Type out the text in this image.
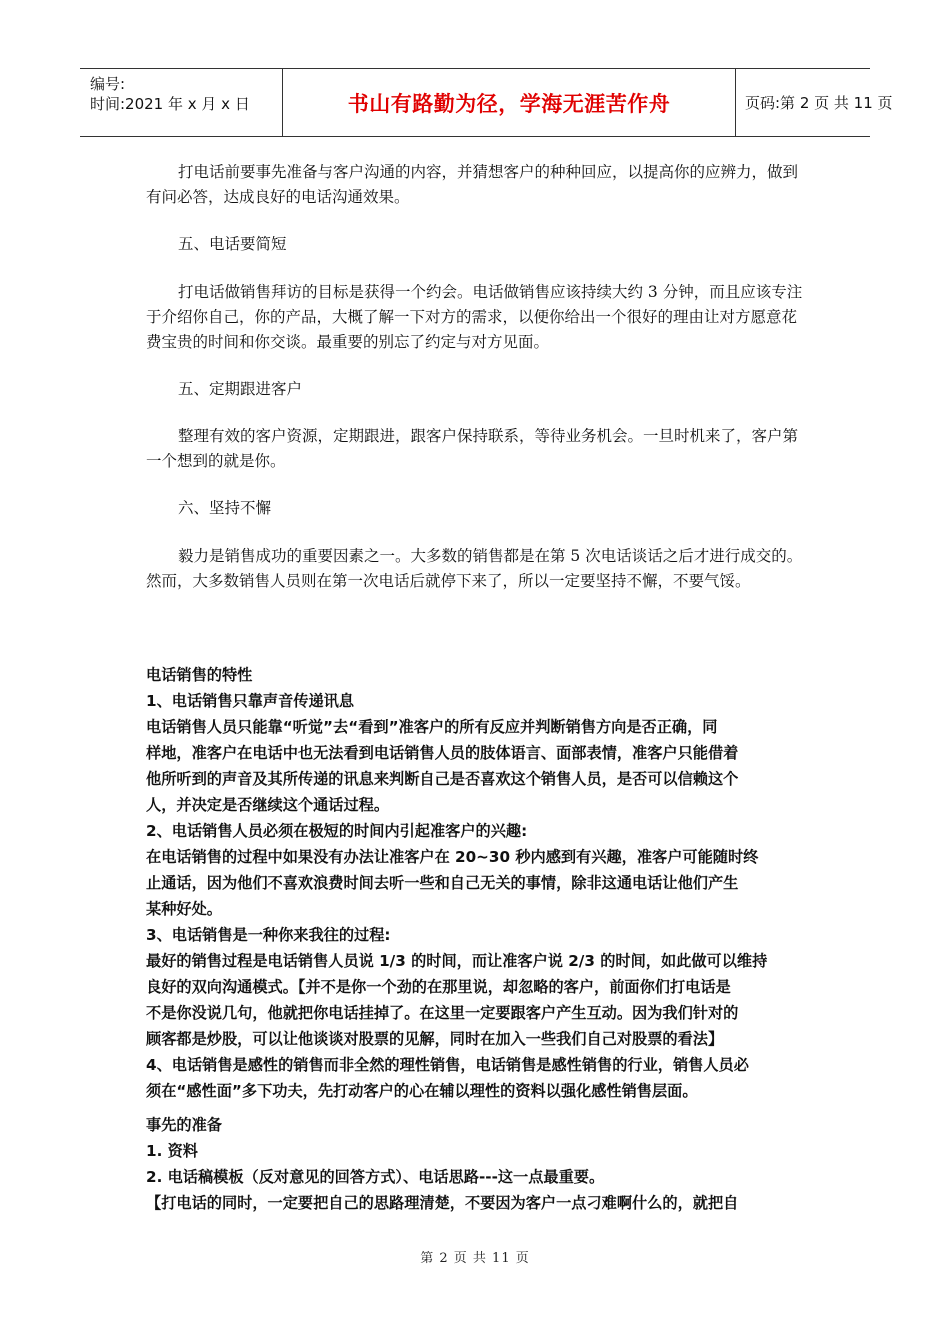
编号:
时间:2021 年 x 月 x 日	书山有路勤为径，学海无涯苦作舟	页码:第 2 页 共 11 页
打电话前要事先准备与客户沟通的内容，并猜想客户的种种回应，以提高你的应辨力，做到有问必答，达成良好的电话沟通效果。
五、电话要简短
打电话做销售拜访的目标是获得一个约会。电话做销售应该持续大约 3 分钟，而且应该专注于介绍你自己，你的产品，大概了解一下对方的需求，以便你给出一个很好的理由让对方愿意花费宝贵的时间和你交谈。最重要的别忘了约定与对方见面。
五、定期跟进客户
整理有效的客户资源，定期跟进，跟客户保持联系，等待业务机会。一旦时机来了，客户第一个想到的就是你。
六、坚持不懈
毅力是销售成功的重要因素之一。大多数的销售都是在第 5 次电话谈话之后才进行成交的。然而，大多数销售人员则在第一次电话后就停下来了，所以一定要坚持不懈，不要气馁。
电话销售的特性
1、电话销售只靠声音传递讯息
电话销售人员只能靠“听觉”去“看到”准客户的所有反应并判断销售方向是否正确，同
样地，准客户在电话中也无法看到电话销售人员的肢体语言、面部表情，准客户只能借着
他所听到的声音及其所传递的讯息来判断自己是否喜欢这个销售人员，是否可以信赖这个
人，并决定是否继续这个通话过程。
2、电话销售人员必须在极短的时间内引起准客户的兴趣:
在电话销售的过程中如果没有办法让准客户在 20~30 秒内感到有兴趣，准客户可能随时终
止通话，因为他们不喜欢浪费时间去听一些和自己无关的事情，除非这通电话让他们产生
某种好处。
3、电话销售是一种你来我往的过程:
最好的销售过程是电话销售人员说 1/3 的时间，而让准客户说 2/3 的时间，如此做可以维持
良好的双向沟通模式。【并不是你一个劲的在那里说，却忽略的客户，前面你们打电话是
不是你没说几句，他就把你电话挂掉了。在这里一定要跟客户产生互动。因为我们针对的
顾客都是炒股，可以让他谈谈对股票的见解，同时在加入一些我们自己对股票的看法】
4、电话销售是感性的销售而非全然的理性销售，电话销售是感性销售的行业，销售人员必
须在“感性面”多下功夫，先打动客户的心在辅以理性的资料以强化感性销售层面。
事先的准备
1. 资料
2. 电话稿模板（反对意见的回答方式）、电话思路---这一点最重要。
【打电话的同时，一定要把自己的思路理清楚，不要因为客户一点刁难啊什么的，就把自
第 2 页 共 11 页
